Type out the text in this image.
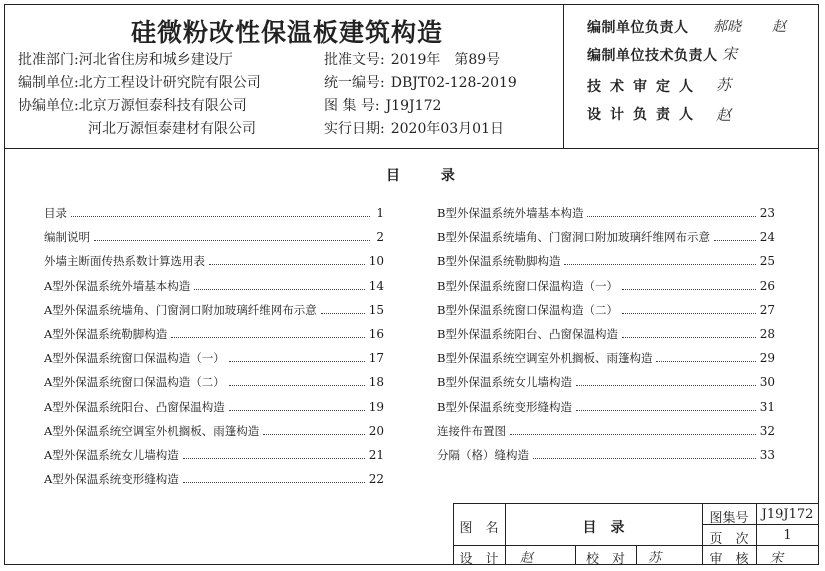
硅微粉改性保温板建筑构造
批准部门:河北省住房和城乡建设厅
编制单位:北方工程设计研究院有限公司
协编单位:北京万源恒泰科技有限公司
河北万源恒泰建材有限公司
批准文号: 2019年　第89号
统一编号: DBJT02-128-2019
图 集 号: J19J172
实行日期: 2020年03月01日
编制单位负责人 郝晓 赵
编制单位技术负责人 宋
技术审定人 苏
设计负责人 赵
目 录
目录	1
编制说明	2
外墙主断面传热系数计算选用表	10
A型外保温系统外墙基本构造	14
A型外保温系统墙角、门窗洞口附加玻璃纤维网布示意	15
A型外保温系统勒脚构造	16
A型外保温系统窗口保温构造（一）	17
A型外保温系统窗口保温构造（二）	18
A型外保温系统阳台、凸窗保温构造	19
A型外保温系统空调室外机搁板、雨篷构造	20
A型外保温系统女儿墙构造	21
A型外保温系统变形缝构造	22
B型外保温系统外墙基本构造	23
B型外保温系统墙角、门窗洞口附加玻璃纤维网布示意	24
B型外保温系统勒脚构造	25
B型外保温系统窗口保温构造（一）	26
B型外保温系统窗口保温构造（二）	27
B型外保温系统阳台、凸窗保温构造	28
B型外保温系统空调室外机搁板、雨篷构造	29
B型外保温系统女儿墙构造	30
B型外保温系统变形缝构造	31
连接件布置图	32
分隔（格）缝构造	33
图　名	目　录
图集号	J19J172
页　次	1
设　计	赵	校　对	苏	审　核	宋
